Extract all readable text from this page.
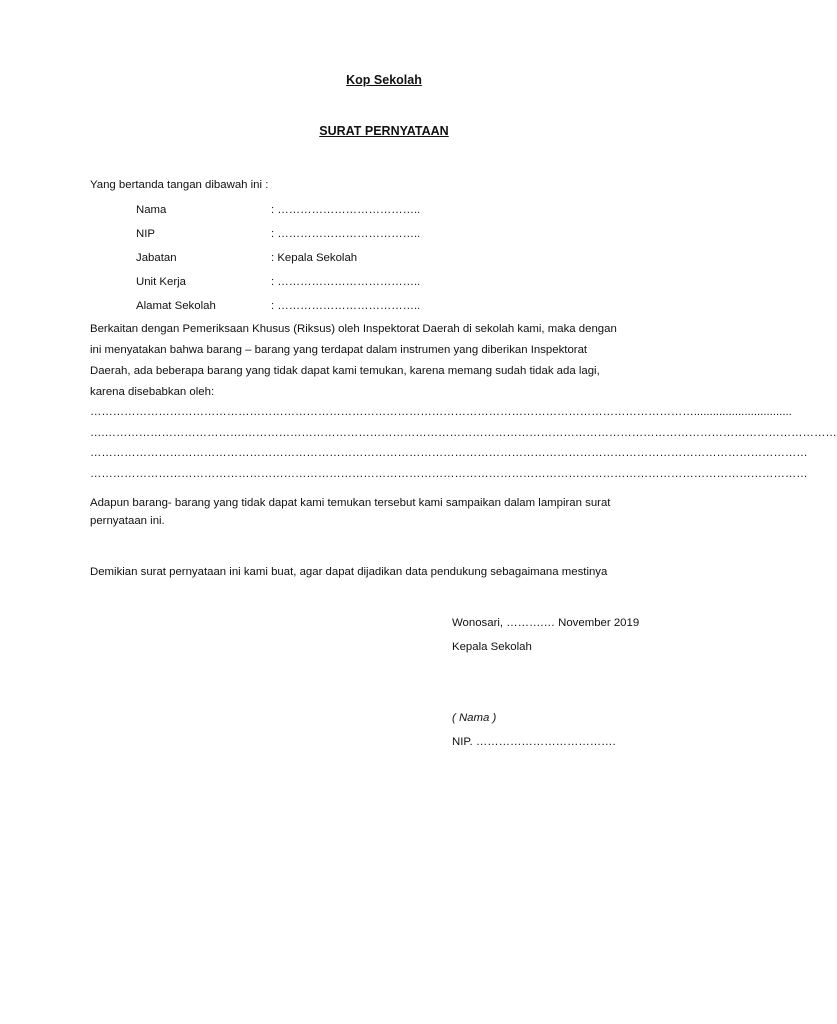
Kop Sekolah
SURAT PERNYATAAN
Yang bertanda tangan dibawah ini :
Nama	: ………………………………..
NIP	: ………………………………..
Jabatan	: Kepala Sekolah
Unit Kerja	: ………………………………..
Alamat Sekolah	: ………………………………..
Berkaitan dengan Pemeriksaan Khusus (Riksus) oleh Inspektorat Daerah di sekolah kami, maka dengan
ini menyatakan bahwa barang – barang yang terdapat dalam instrumen yang diberikan Inspektorat
Daerah, ada beberapa barang yang tidak dapat kami temukan, karena memang sudah tidak ada lagi,
karena disebabkan oleh:
……………………………………………………………………………………………………………………………………………...............................
….……………………………….…………………………………………………………………………………………………………………………………………
………………………………………………………………………………………………………………………………………………………………………
………………………………………………………………………………………………………………………………………………………………………
Adapun barang- barang yang tidak dapat kami temukan tersebut kami sampaikan dalam lampiran surat
pernyataan ini.
Demikian surat pernyataan ini kami buat, agar dapat dijadikan data pendukung sebagaimana mestinya
Wonosari, ……….… November 2019
Kepala Sekolah
( Nama )
NIP. ……………………………….
